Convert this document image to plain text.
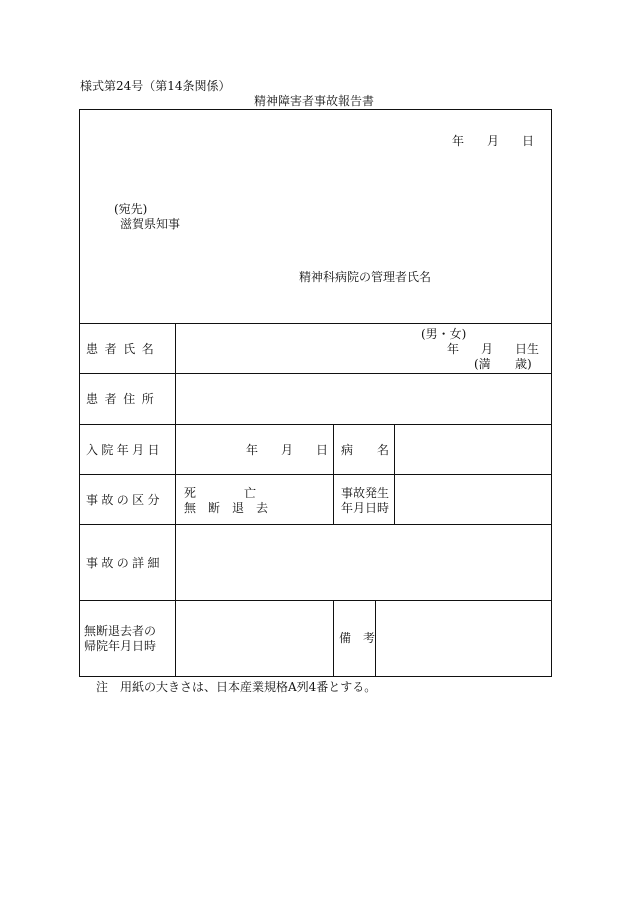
様式第24号（第14条関係）
精神障害者事故報告書
年 月 日
(宛先)
滋賀県知事
精神科病院の管理者氏名
患者氏名
(男・女)
年 月 日生
(満 歳)
患者住所
入院年月日	年 月 日 病　　名
事故の区分 死　　　　亡
無　断　退　去
事故発生
年月日時
事故の詳細
無断退去者の
帰院年月日時
備　考
注　用紙の大きさは、日本産業規格A列4番とする。
